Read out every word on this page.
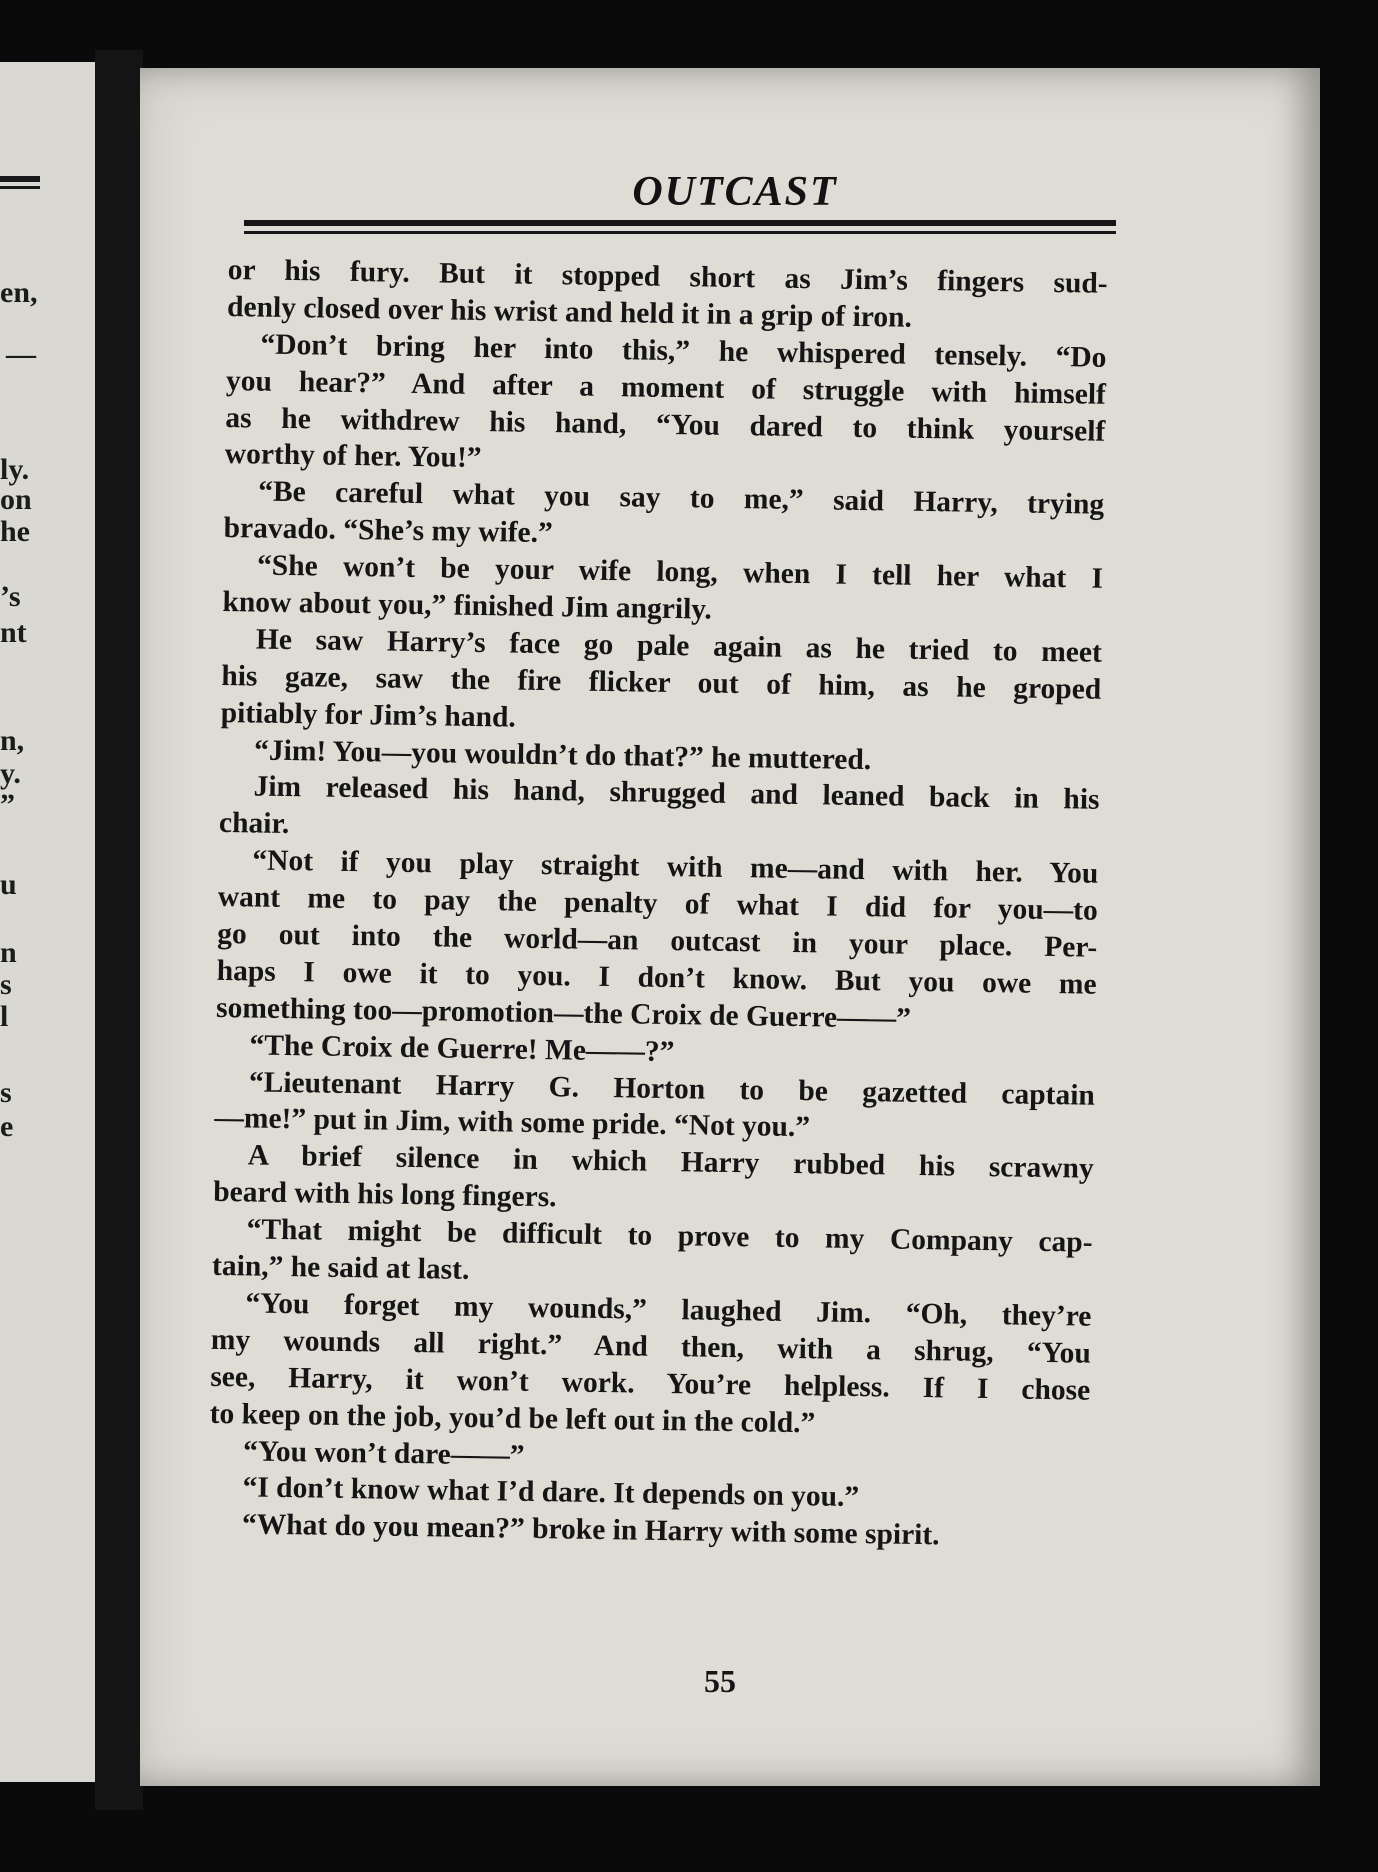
en,
—
ly.
on
he
’s
nt
n,
y.
”
u
n
s
l
s
e
OUTCAST
or his fury. But it stopped short as Jim’s fingers sud-
denly closed over his wrist and held it in a grip of iron.
“Don’t bring her into this,” he whispered tensely. “Do
you hear?” And after a moment of struggle with himself
as he withdrew his hand, “You dared to think yourself
worthy of her. You!”
“Be careful what you say to me,” said Harry, trying
bravado. “She’s my wife.”
“She won’t be your wife long, when I tell her what I
know about you,” finished Jim angrily.
He saw Harry’s face go pale again as he tried to meet
his gaze, saw the fire flicker out of him, as he groped
pitiably for Jim’s hand.
“Jim! You—you wouldn’t do that?” he muttered.
Jim released his hand, shrugged and leaned back in his
chair.
“Not if you play straight with me—and with her. You
want me to pay the penalty of what I did for you—to
go out into the world—an outcast in your place. Per-
haps I owe it to you. I don’t know. But you owe me
something too—promotion—the Croix de Guerre——”
“The Croix de Guerre! Me——?”
“Lieutenant Harry G. Horton to be gazetted captain
—me!” put in Jim, with some pride. “Not you.”
A brief silence in which Harry rubbed his scrawny
beard with his long fingers.
“That might be difficult to prove to my Company cap-
tain,” he said at last.
“You forget my wounds,” laughed Jim. “Oh, they’re
my wounds all right.” And then, with a shrug, “You
see, Harry, it won’t work. You’re helpless. If I chose
to keep on the job, you’d be left out in the cold.”
“You won’t dare——”
“I don’t know what I’d dare. It depends on you.”
“What do you mean?” broke in Harry with some spirit.
55
